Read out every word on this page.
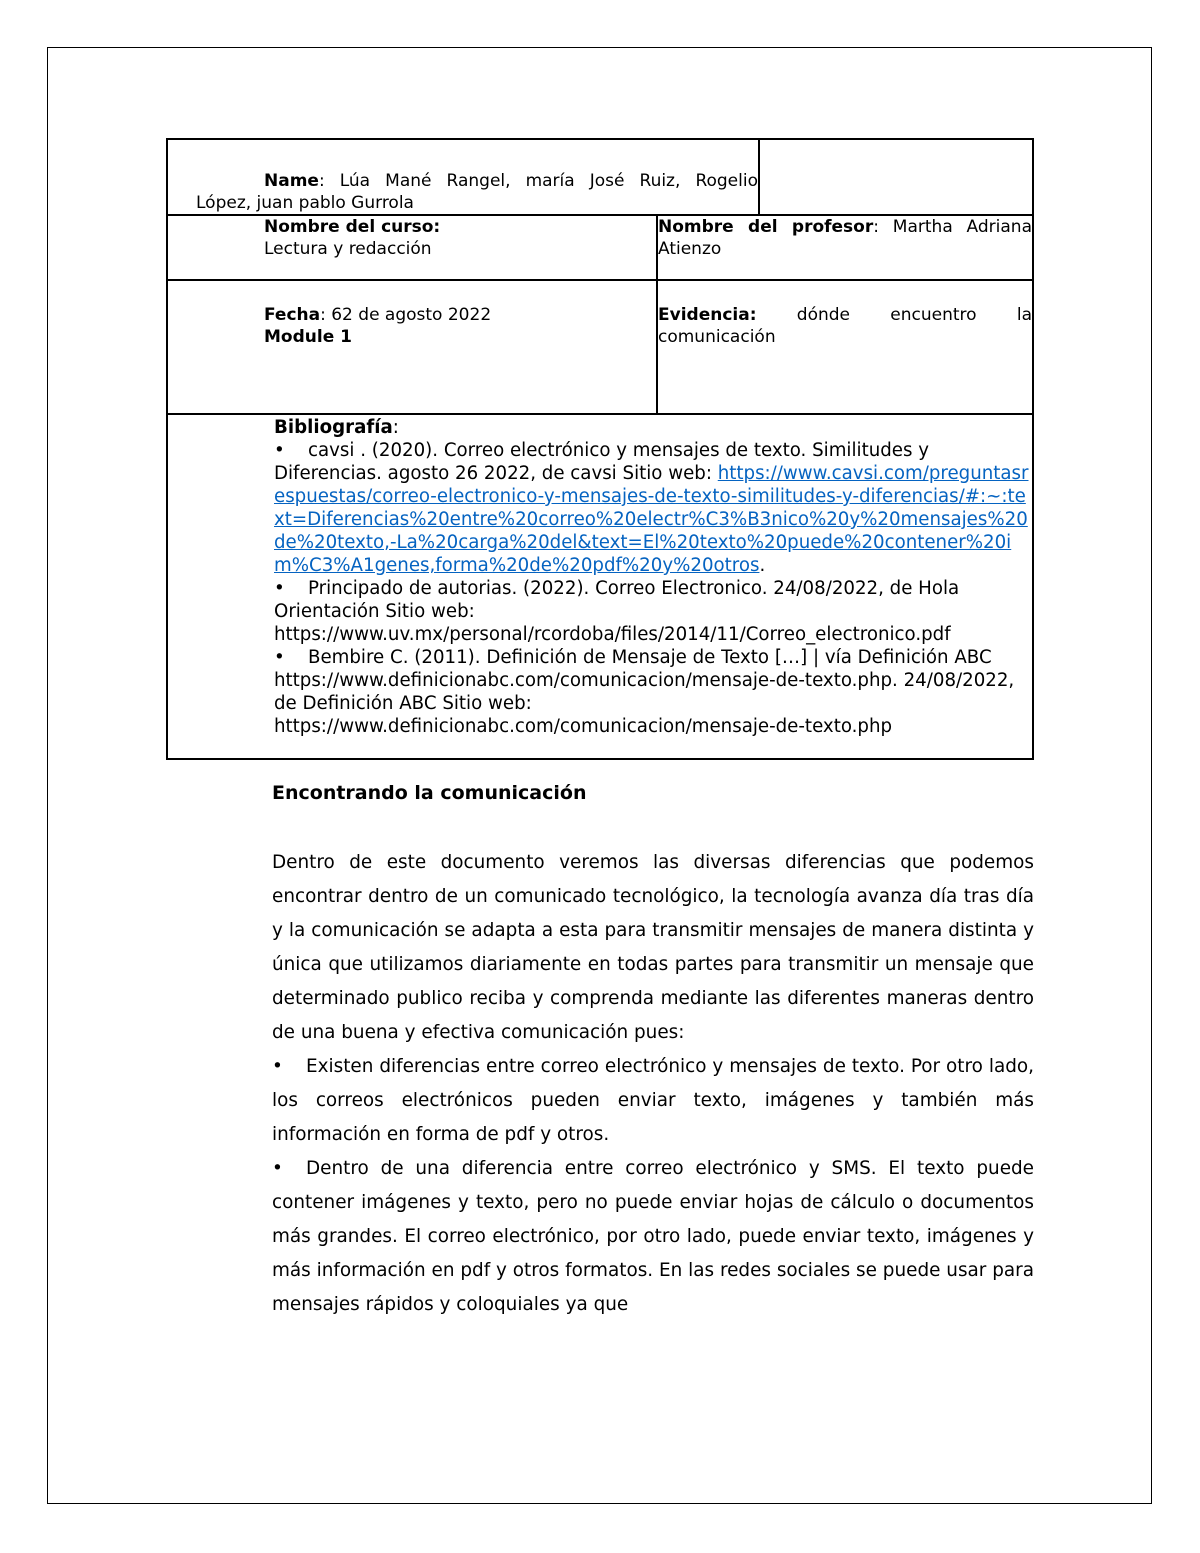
Name: Lúa Mané Rangel, maría José Ruiz, Rogelio
López, juan pablo Gurrola
Nombre del curso:
Lectura y redacción
Nombre del profesor: Martha Adriana
Atienzo
Fecha: 62 de agosto 2022
Module 1
Evidencia: dónde encuentro la
comunicación
Bibliografía:
• cavsi . (2020). Correo electrónico y mensajes de texto. Similitudes y Diferencias. agosto 26 2022, de cavsi Sitio web: https://www.cavsi.com/preguntasrespuestas/correo-electronico-y-mensajes-de-texto-similitudes-y-diferencias/#:~:text=Diferencias%20entre%20correo%20electr%C3%B3nico%20y%20mensajes%20de%20texto,-La%20carga%20del&text=El%20texto%20puede%20contener%20im%C3%A1genes,forma%20de%20pdf%20y%20otros.
• Principado de autorias. (2022). Correo Electronico. 24/08/2022, de Hola Orientación Sitio web: https://www.uv.mx/personal/rcordoba/files/2014/11/Correo_electronico.pdf
• Bembire C. (2011). Definición de Mensaje de Texto […] | vía Definición ABC https://www.definicionabc.com/comunicacion/mensaje-de-texto.php. 24/08/2022, de Definición ABC Sitio web: https://www.definicionabc.com/comunicacion/mensaje-de-texto.php
Encontrando la comunicación

Dentro de este documento veremos las diversas diferencias que podemos encontrar dentro de un comunicado tecnológico, la tecnología avanza día tras día y la comunicación se adapta a esta para transmitir mensajes de manera distinta y única que utilizamos diariamente en todas partes para transmitir un mensaje que determinado publico reciba y comprenda mediante las diferentes maneras dentro de una buena y efectiva comunicación pues:

• Existen diferencias entre correo electrónico y mensajes de texto. Por otro lado, los correos electrónicos pueden enviar texto, imágenes y también más información en forma de pdf y otros.

• Dentro de una diferencia entre correo electrónico y SMS. El texto puede contener imágenes y texto, pero no puede enviar hojas de cálculo o documentos más grandes. El correo electrónico, por otro lado, puede enviar texto, imágenes y más información en pdf y otros formatos. En las redes sociales se puede usar para mensajes rápidos y coloquiales ya que
